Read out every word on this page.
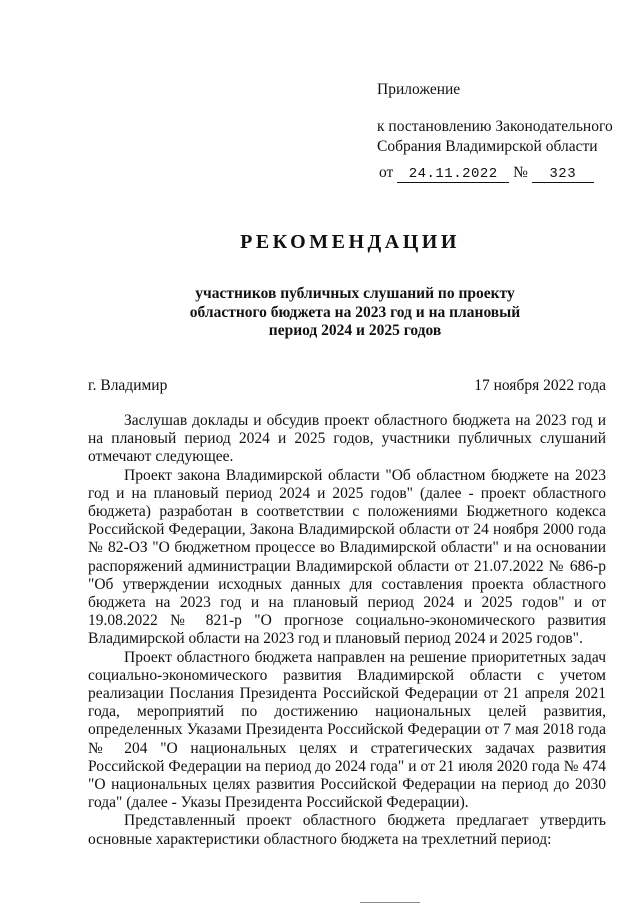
Приложение
к постановлению Законодательного
Собрания Владимирской области
от 24.11.2022 № 323
РЕКОМЕНДАЦИИ
участников публичных слушаний по проекту
областного бюджета на 2023 год и на плановый
период 2024 и 2025 годов
г. Владимир	17 ноября 2022 года

Заслушав доклады и обсудив проект областного бюджета на 2023 год и на плановый период 2024 и 2025 годов, участники публичных слушаний отмечают следующее.

Проект закона Владимирской области "Об областном бюджете на 2023 год и на плановый период 2024 и 2025 годов" (далее - проект областного бюджета) разработан в соответствии с положениями Бюджетного кодекса Российской Федерации, Закона Владимирской области от 24 ноября 2000 года № 82-ОЗ "О бюджетном процессе во Владимирской области" и на основании распоряжений администрации Владимирской области от 21.07.2022 № 686-р "Об утверждении исходных данных для составления проекта областного бюджета на 2023 год и на плановый период 2024 и 2025 годов" и от 19.08.2022 № 821-р "О прогнозе социально-экономического развития Владимирской области на 2023 год и плановый период 2024 и 2025 годов".

Проект областного бюджета направлен на решение приоритетных задач социально-экономического развития Владимирской области с учетом реализации Послания Президента Российской Федерации от 21 апреля 2021 года, мероприятий по достижению национальных целей развития, определенных Указами Президента Российской Федерации от 7 мая 2018 года № 204 "О национальных целях и стратегических задачах развития Российской Федерации на период до 2024 года" и от 21 июля 2020 года № 474 "О национальных целях развития Российской Федерации на период до 2030 года" (далее - Указы Президента Российской Федерации).

Представленный проект областного бюджета предлагает утвердить основные характеристики областного бюджета на трехлетний период:
